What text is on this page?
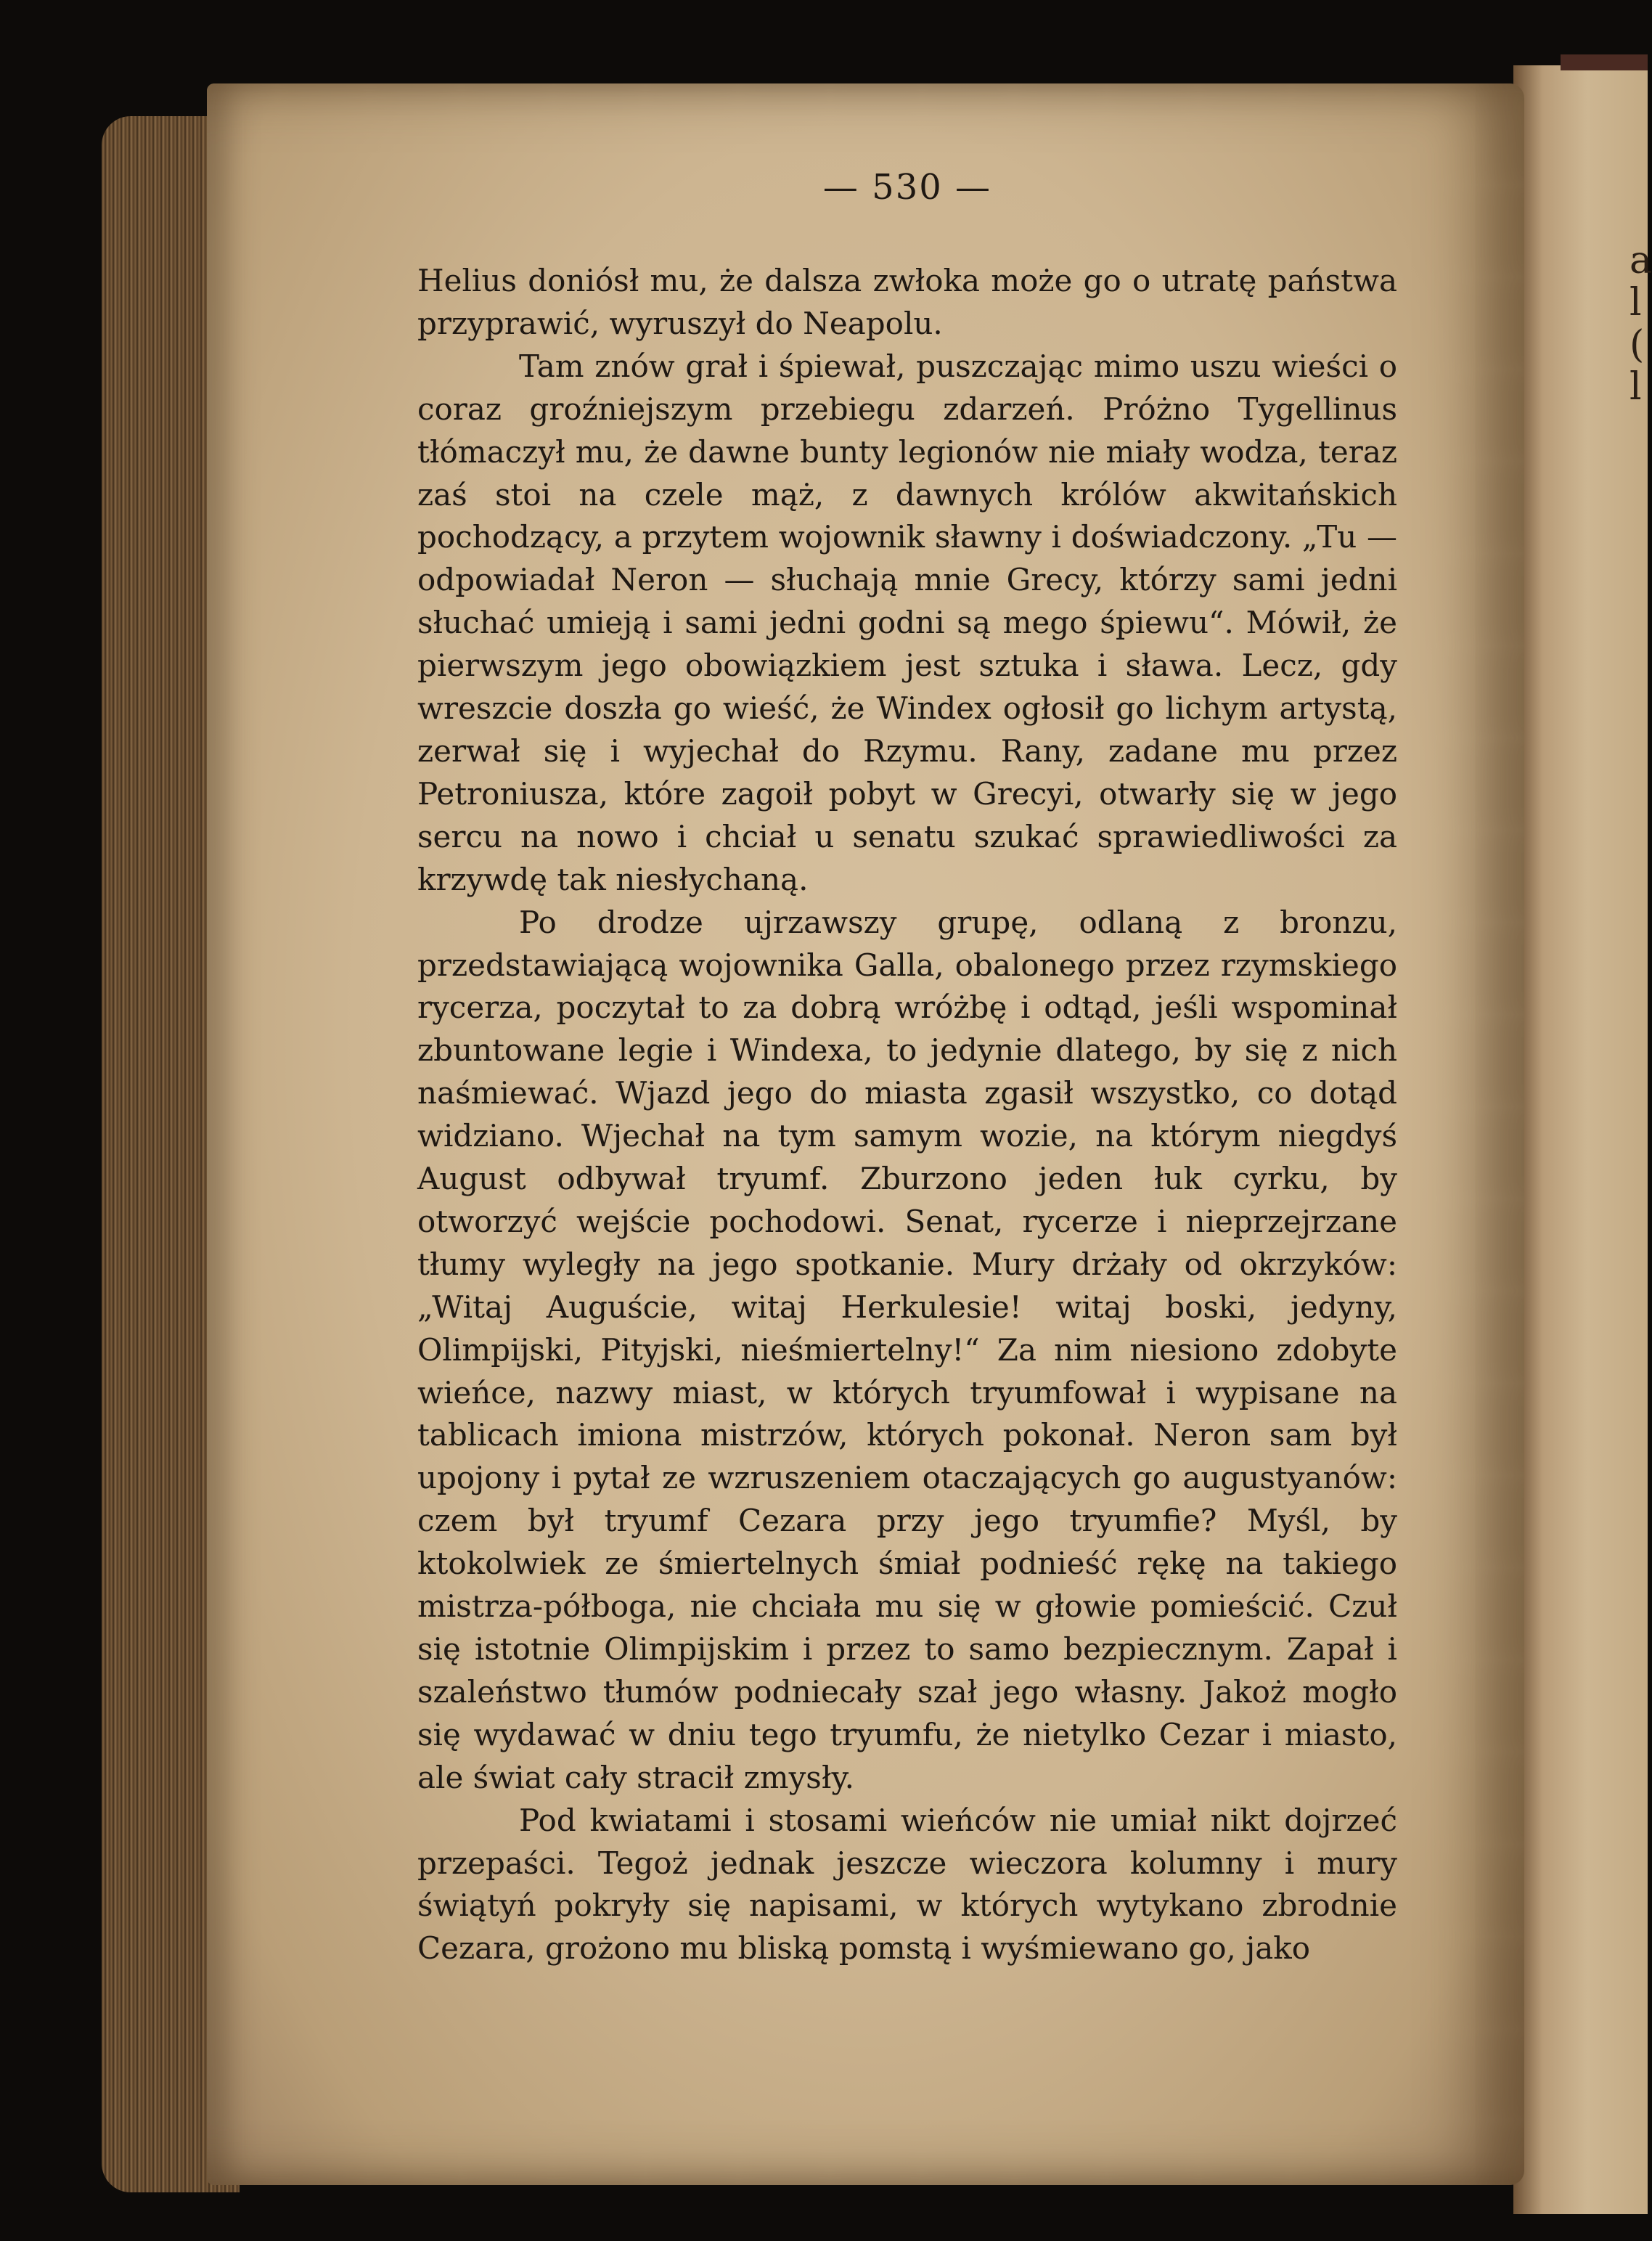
a
l
(
l
— 530 —

Helius doniósł mu, że dalsza zwłoka może go o utratę państwa przyprawić, wyruszył do Neapolu.

Tam znów grał i śpiewał, puszczając mimo uszu wieści o coraz groźniejszym przebiegu zdarzeń. Próżno Tygellinus tłómaczył mu, że dawne bunty legionów nie miały wodza, teraz zaś stoi na czele mąż, z dawnych królów akwitańskich pochodzący, a przytem wojownik sławny i doświadczony. „Tu — odpowiadał Neron — słuchają mnie Grecy, którzy sami jedni słuchać umieją i sami jedni godni są mego śpiewu“. Mówił, że pierwszym jego obowiązkiem jest sztuka i sława. Lecz, gdy wreszcie doszła go wieść, że Windex ogłosił go lichym artystą, zerwał się i wyjechał do Rzymu. Rany, zadane mu przez Petroniusza, które zagoił pobyt w Grecyi, otwarły się w jego sercu na nowo i chciał u senatu szukać sprawiedliwości za krzywdę tak niesłychaną.

Po drodze ujrzawszy grupę, odlaną z bronzu, przedstawiającą wojownika Galla, obalonego przez rzymskiego rycerza, poczytał to za dobrą wróżbę i odtąd, jeśli wspominał zbuntowane legie i Windexa, to jedynie dlatego, by się z nich naśmiewać. Wjazd jego do miasta zgasił wszystko, co dotąd widziano. Wjechał na tym samym wozie, na którym niegdyś August odbywał tryumf. Zburzono jeden łuk cyrku, by otworzyć wejście pochodowi. Senat, rycerze i nieprzejrzane tłumy wyległy na jego spotkanie. Mury drżały od okrzyków: „Witaj Auguście, witaj Herkulesie! witaj boski, jedyny, Olimpijski, Pityjski, nieśmiertelny!“ Za nim niesiono zdobyte wieńce, nazwy miast, w których tryumfował i wypisane na tablicach imiona mistrzów, których pokonał. Neron sam był upojony i pytał ze wzruszeniem otaczających go augustyanów: czem był tryumf Cezara przy jego tryumfie? Myśl, by ktokolwiek ze śmiertelnych śmiał podnieść rękę na takiego mistrza-półboga, nie chciała mu się w głowie pomieścić. Czuł się istotnie Olimpijskim i przez to samo bezpiecznym. Zapał i szaleństwo tłumów podniecały szał jego własny. Jakoż mogło się wydawać w dniu tego tryumfu, że nietylko Cezar i miasto, ale świat cały stracił zmysły.

Pod kwiatami i stosami wieńców nie umiał nikt dojrzeć przepaści. Tegoż jednak jeszcze wieczora kolumny i mury świątyń pokryły się napisami, w których wytykano zbrodnie Cezara, grożono mu bliską pomstą i wyśmiewano go, jako
